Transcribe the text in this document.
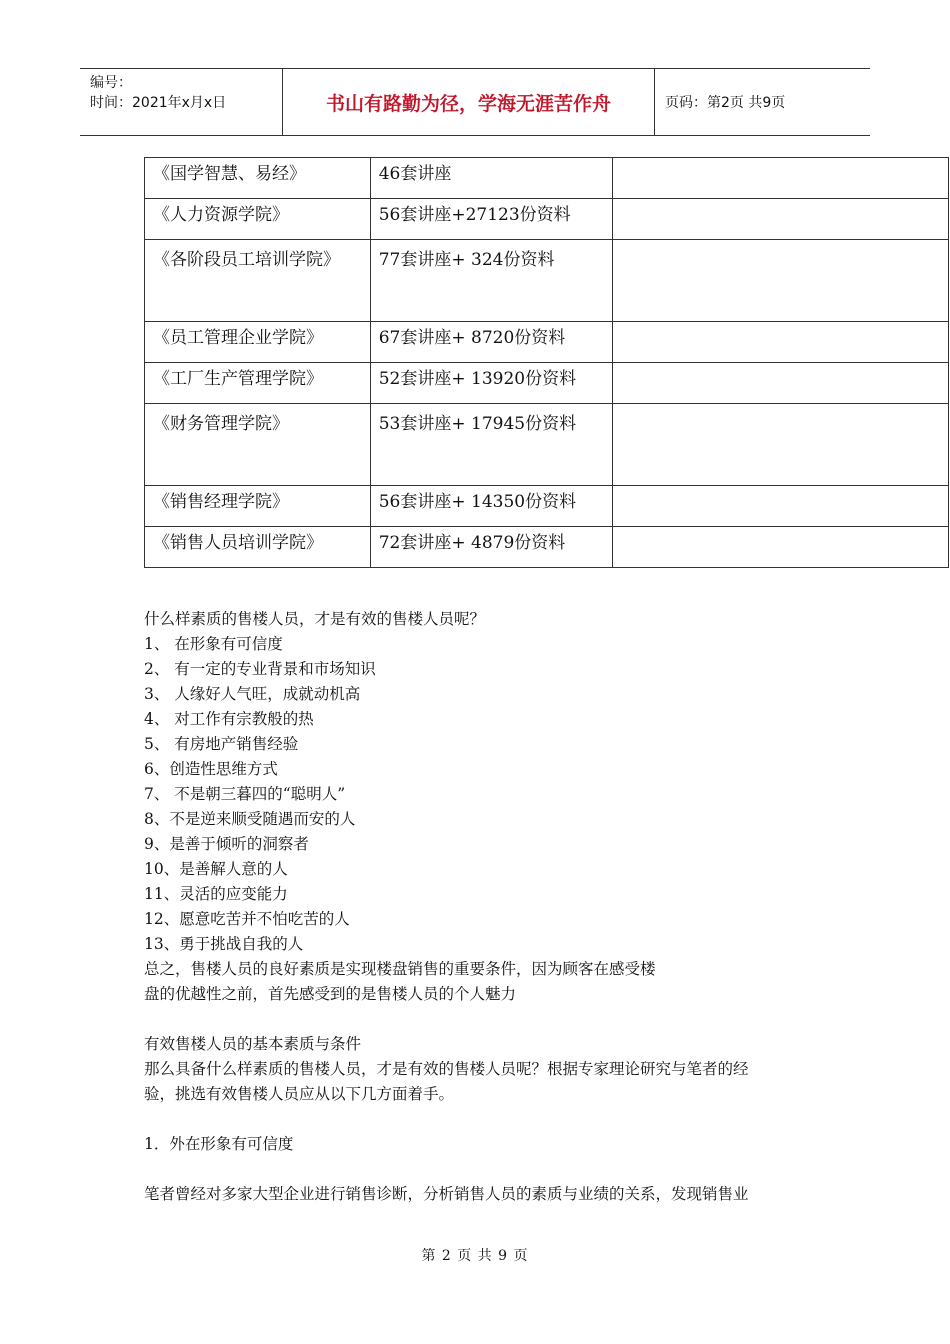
编号：
时间：2021年x月x日	书山有路勤为径，学海无涯苦作舟	页码：第2页 共9页
《国学智慧、易经》	46套讲座	
《人力资源学院》	56套讲座+27123份资料	
《各阶段员工培训学院》	77套讲座+ 324份资料	
《员工管理企业学院》	67套讲座+ 8720份资料	
《工厂生产管理学院》	52套讲座+ 13920份资料	
《财务管理学院》	53套讲座+ 17945份资料	
《销售经理学院》	56套讲座+ 14350份资料	
《销售人员培训学院》	72套讲座+ 4879份资料	
什么样素质的售楼人员，才是有效的售楼人员呢？
1、 在形象有可信度
2、 有一定的专业背景和市场知识
3、 人缘好人气旺，成就动机高
4、 对工作有宗教般的热
5、 有房地产销售经验
6、创造性思维方式
7、 不是朝三暮四的“聪明人”
8、不是逆来顺受随遇而安的人
9、是善于倾听的洞察者
10、是善解人意的人
11、灵活的应变能力
12、愿意吃苦并不怕吃苦的人
13、勇于挑战自我的人
总之，售楼人员的良好素质是实现楼盘销售的重要条件，因为顾客在感受楼
盘的优越性之前，首先感受到的是售楼人员的个人魅力
有效售楼人员的基本素质与条件
那么具备什么样素质的售楼人员，才是有效的售楼人员呢？根据专家理论研究与笔者的经
验，挑选有效售楼人员应从以下几方面着手。
1．外在形象有可信度
笔者曾经对多家大型企业进行销售诊断，分析销售人员的素质与业绩的关系，发现销售业
第 2 页 共 9 页
